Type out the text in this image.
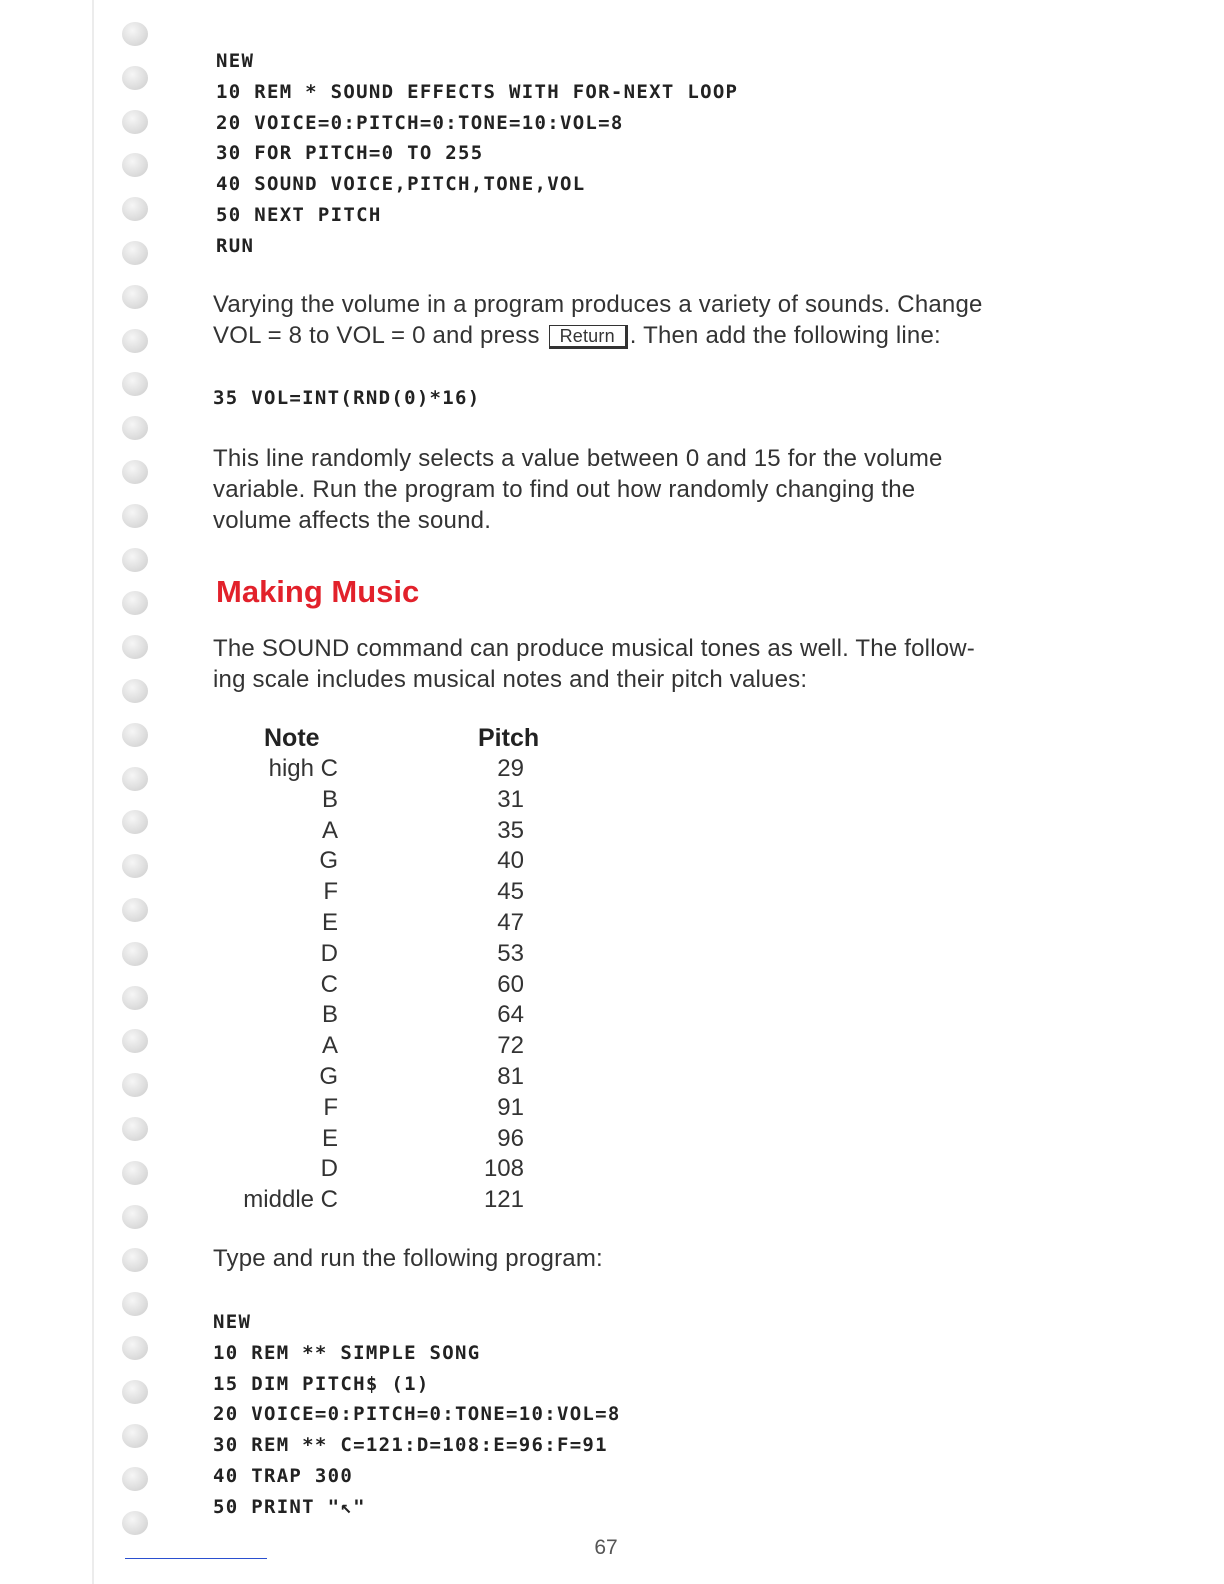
NEW
10 REM * SOUND EFFECTS WITH FOR-NEXT LOOP
20 VOICE=0:PITCH=0:TONE=10:VOL=8
30 FOR PITCH=0 TO 255
40 SOUND VOICE,PITCH,TONE,VOL
50 NEXT PITCH
RUN
Varying the volume in a program produces a variety of sounds. Change
VOL = 8 to VOL = 0 and press Return . Then add the following line:
35 VOL=INT(RND(0)*16)
This line randomly selects a value between 0 and 15 for the volume
variable. Run the program to find out how randomly changing the
volume affects the sound.
Making Music
The SOUND command can produce musical tones as well. The follow-
ing scale includes musical notes and their pitch values:
Note	Pitch
high C
B
A
G
F
E
D
C
B
A
G
F
E
D
middle C
29
31
35
40
45
47
53
60
64
72
81
91
96
108
121
Type and run the following program:
NEW
10 REM ** SIMPLE SONG
15 DIM PITCH$ (1)
20 VOICE=0:PITCH=0:TONE=10:VOL=8
30 REM ** C=121:D=108:E=96:F=91
40 TRAP 300
50 PRINT "↖"
67
